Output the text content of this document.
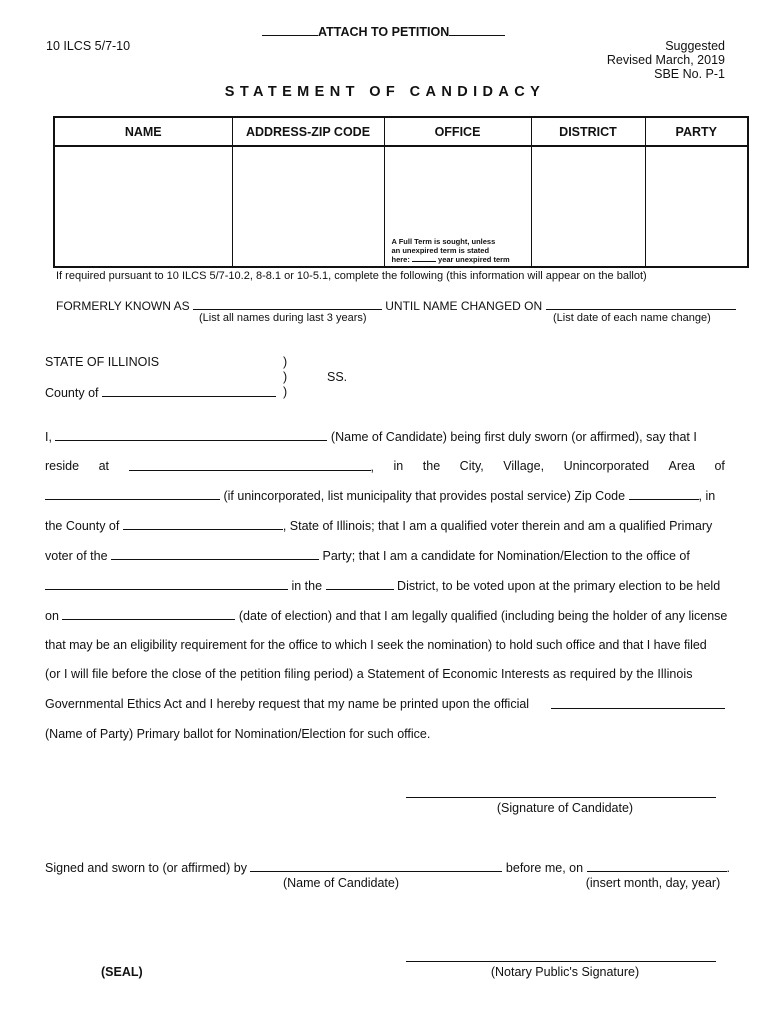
ATTACH TO PETITION
10 ILCS 5/7-10	Suggested
Revised March, 2019
SBE No. P-1
STATEMENT OF CANDIDACY
NAME	ADDRESS-ZIP CODE	OFFICE	DISTRICT	PARTY

		A Full Term is sought, unless
an unexpired term is stated
here: year unexpired term		

If required pursuant to 10 ILCS 5/7-10.2, 8-8.1 or 10-5.1, complete the following (this information will appear on the ballot)
FORMERLY KNOWN AS	UNTIL NAME CHANGED ON
(List all names during last 3 years)	(List date of each name change)
STATE OF ILLINOIS	)
)	SS.
County of	)
I,	(Name of Candidate) being first duly sworn (or affirmed), say that I
reside at	, in the City, Village, Unincorporated Area of
(if unincorporated, list municipality that provides postal service) Zip Code	, in
the County of	, State of Illinois; that I am a qualified voter therein and am a qualified Primary
voter of the	Party; that I am a candidate for Nomination/Election to the office of
in the	District, to be voted upon at the primary election to be held
on	(date of election) and that I am legally qualified (including being the holder of any license
that may be an eligibility requirement for the office to which I seek the nomination) to hold such office and that I have filed
(or I will file before the close of the petition filing period) a Statement of Economic Interests as required by the Illinois
Governmental Ethics Act and I hereby request that my name be printed upon the official
(Name of Party) Primary ballot for Nomination/Election for such office.
(Signature of Candidate)
Signed and sworn to (or affirmed) by	before me, on	.
(Name of Candidate)	(insert month, day, year)
(SEAL)	(Notary Public's Signature)
